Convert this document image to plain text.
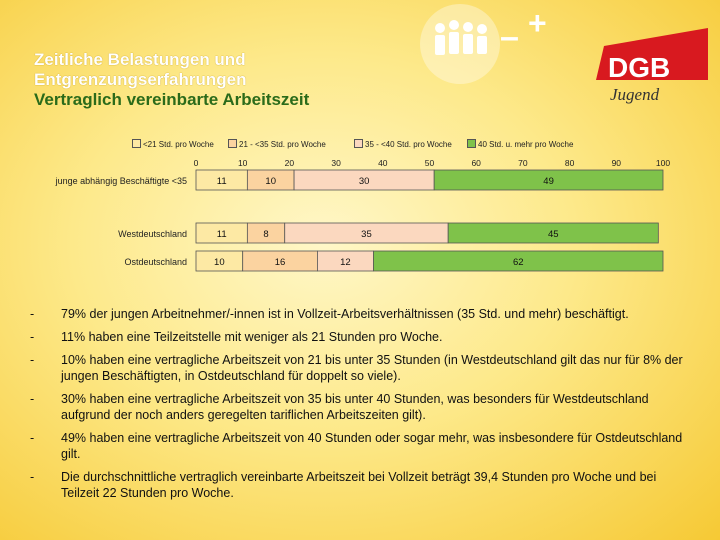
– +
DGB
Jugend
Zeitliche Belastungen und
Entgrenzungserfahrungen
Vertraglich vereinbarte Arbeitszeit
<21 Std. pro Woche	21 - <35 Std. pro Woche	35 - <40 Std. pro Woche	40 Std. u. mehr pro Woche
0	10	20	30	40	50	60	70	80	90	100
junge abhängig Beschäftigte <35	11	10	30	49
Westdeutschland	11	8	35	45
Ostdeutschland	10	16	12	62
- 79% der jungen Arbeitnehmer/-innen ist in Vollzeit-Arbeitsverhältnissen (35 Std. und mehr) beschäftigt.
- 11% haben eine Teilzeitstelle mit weniger als 21 Stunden pro Woche.
- 10% haben eine vertragliche Arbeitszeit von 21 bis unter 35 Stunden (in Westdeutschland gilt das nur für 8% der jungen Beschäftigten, in Ostdeutschland für doppelt so viele).
- 30% haben eine vertragliche Arbeitszeit von 35 bis unter 40 Stunden, was besonders für Westdeutschland aufgrund der noch anders geregelten tariflichen Arbeitszeiten gilt).
- 49% haben eine vertragliche Arbeitszeit von 40 Stunden oder sogar mehr, was insbesondere für Ostdeutschland gilt.
- Die durchschnittliche vertraglich vereinbarte Arbeitszeit bei Vollzeit beträgt 39,4 Stunden pro Woche und bei Teilzeit 22 Stunden pro Woche.
